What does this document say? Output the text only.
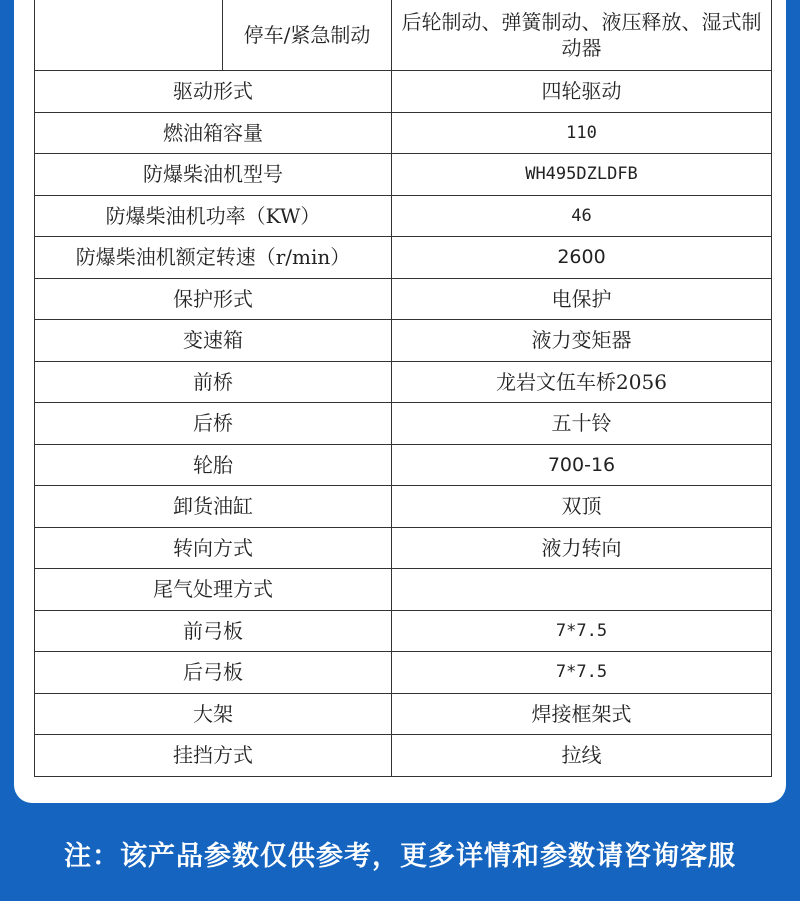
	停车/紧急制动	后轮制动、弹簧制动、液压释放、湿式制 动器
驱动形式		四轮驱动
燃油箱容量		110
防爆柴油机型号		WH495DZLDFB
防爆柴油机功率（KW）		46
防爆柴油机额定转速（r/min）		2600
保护形式		电保护
变速箱		液力变矩器
前桥		龙岩文伍车桥2056
后桥		五十铃
轮胎		700-16
卸货油缸		双顶
转向方式		液力转向
尾气处理方式		
前弓板		7*7.5
后弓板		7*7.5
大架		焊接框架式
挂挡方式		拉线
注：该产品参数仅供参考，更多详情和参数请咨询客服
